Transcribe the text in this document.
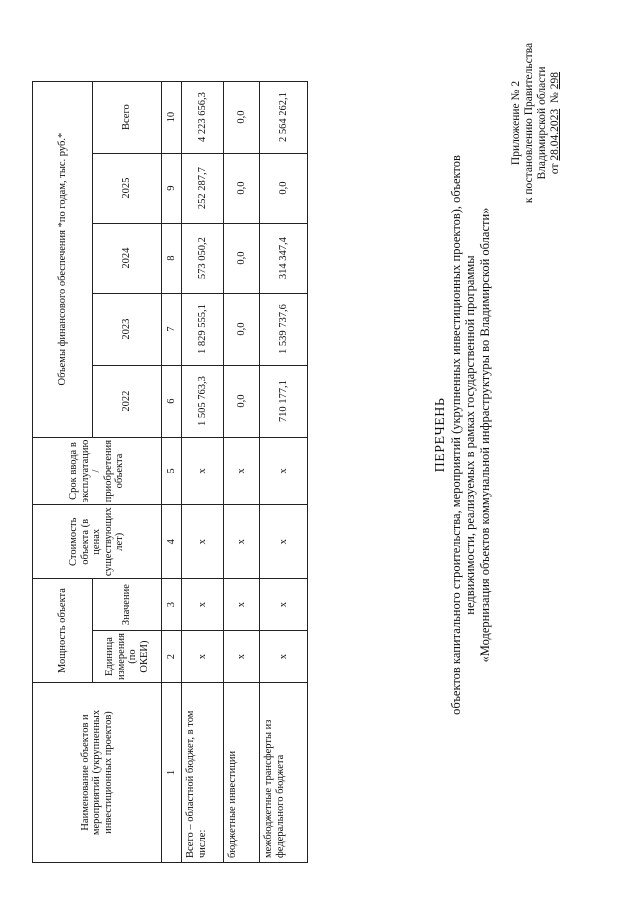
Приложение № 2 к постановлению Правительства Владимирской области от 28.04.2023  № 298
ПЕРЕЧЕНЬ объектов капитального строительства, мероприятий (укрупненных инвестиционных проектов), объектов недвижимости, реализуемых в рамках государственной программы «Модернизация объектов коммунальной инфраструктуры во Владимирской области»
Наименование объектов и мероприятий (укрупненных инвестиционных проектов)	Мощность объекта		Стоимость объекта (в ценах существующих лет)	Срок ввода в эксплуатацию / приобретения объекта	Объемы финансового обеспечения *по годам, тыс. руб.*				
	Единица измерения (по ОКЕИ)	Значение			2022	2023	2024	2025	Всего
1	2	3	4	5	6	7	8	9	10
Всего – областной бюджет, в том числе:	х	х	х	х	1 505 763,3	1 829 555,1	573 050,2	252 287,7	4 223 656,3
бюджетные инвестиции	х	х	х	х	0,0	0,0	0,0	0,0	0,0
межбюджетные трансферты из федерального бюджета	х	х	х	х	710 177,1	1 539 737,6	314 347,4	0,0	2 564 262,1
